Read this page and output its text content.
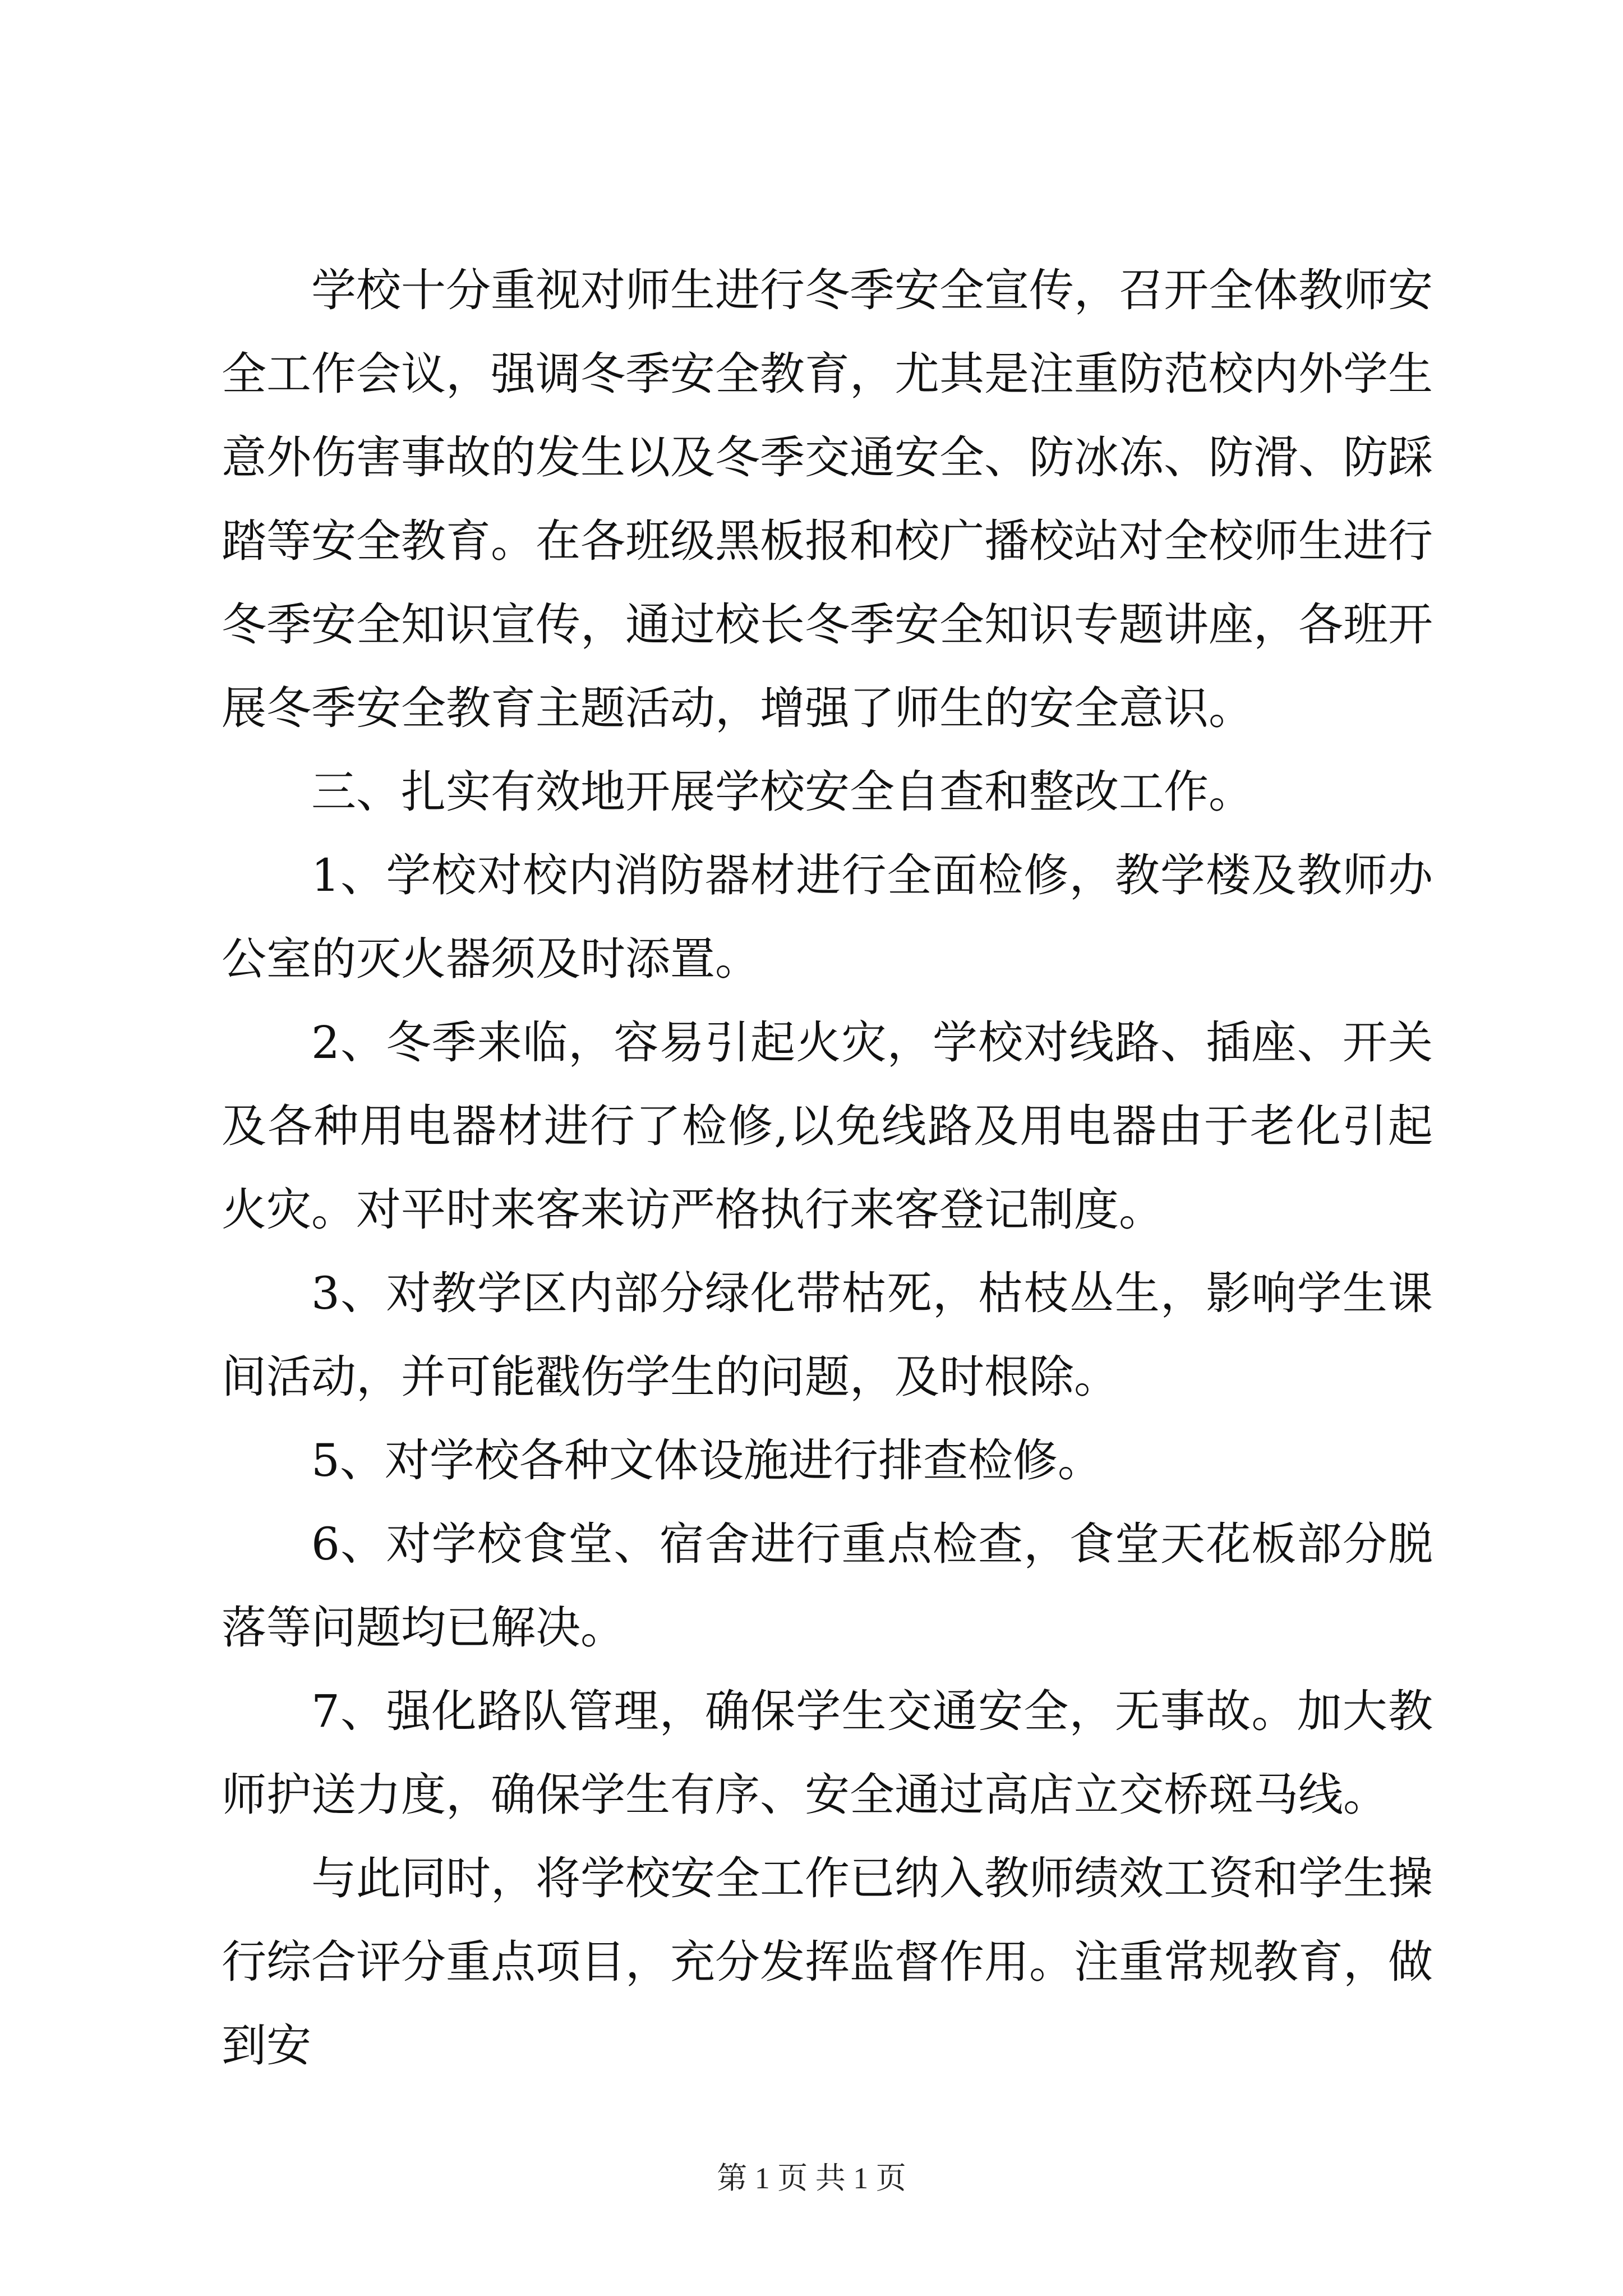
学校十分重视对师生进行冬季安全宣传，召开全体教师安全工作会议，强调冬季安全教育，尤其是注重防范校内外学生意外伤害事故的发生以及冬季交通安全、防冰冻、防滑、防踩踏等安全教育。在各班级黑板报和校广播校站对全校师生进行冬季安全知识宣传，通过校长冬季安全知识专题讲座，各班开展冬季安全教育主题活动，增强了师生的安全意识。

三、扎实有效地开展学校安全自查和整改工作。

1、学校对校内消防器材进行全面检修，教学楼及教师办公室的灭火器须及时添置。

2、冬季来临，容易引起火灾，学校对线路、插座、开关及各种用电器材进行了检修,以免线路及用电器由于老化引起火灾。对平时来客来访严格执行来客登记制度。

3、对教学区内部分绿化带枯死，枯枝丛生，影响学生课间活动，并可能戳伤学生的问题，及时根除。

5、对学校各种文体设施进行排查检修。

6、对学校食堂、宿舍进行重点检查，食堂天花板部分脱落等问题均已解决。

7、强化路队管理，确保学生交通安全，无事故。加大教师护送力度，确保学生有序、安全通过高店立交桥斑马线。

与此同时，将学校安全工作已纳入教师绩效工资和学生操行综合评分重点项目，充分发挥监督作用。注重常规教育，做到安

第 1 页 共 1 页
